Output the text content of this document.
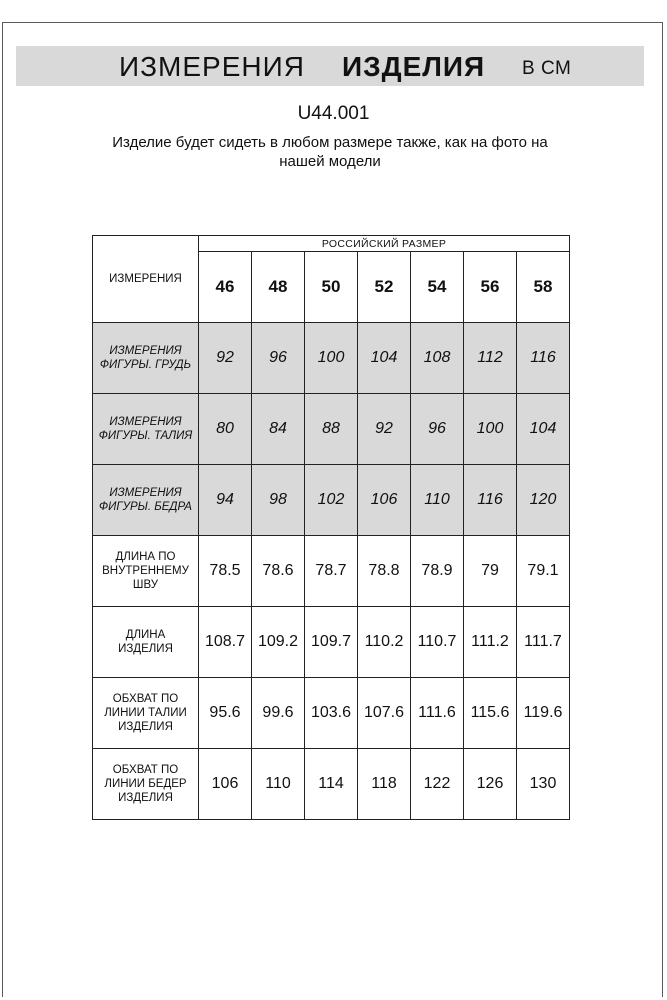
ИЗМЕРЕНИЯ ИЗДЕЛИЯ В СМ
U44.001
Изделие будет сидеть в любом размере также, как на фото на нашей модели
ИЗМЕРЕНИЯ	РОССИЙСКИЙ РАЗМЕР						
	46	48	50	52	54	56	58
ИЗМЕРЕНИЯ ФИГУРЫ. ГРУДЬ	92	96	100	104	108	112	116
ИЗМЕРЕНИЯ ФИГУРЫ. ТАЛИЯ	80	84	88	92	96	100	104
ИЗМЕРЕНИЯ ФИГУРЫ. БЕДРА	94	98	102	106	110	116	120
ДЛИНА ПО ВНУТРЕННЕМУ ШВУ	78.5	78.6	78.7	78.8	78.9	79	79.1
ДЛИНА ИЗДЕЛИЯ	108.7	109.2	109.7	110.2	110.7	111.2	111.7
ОБХВАТ ПО ЛИНИИ ТАЛИИ ИЗДЕЛИЯ	95.6	99.6	103.6	107.6	111.6	115.6	119.6
ОБХВАТ ПО ЛИНИИ БЕДЕР ИЗДЕЛИЯ	106	110	114	118	122	126	130
